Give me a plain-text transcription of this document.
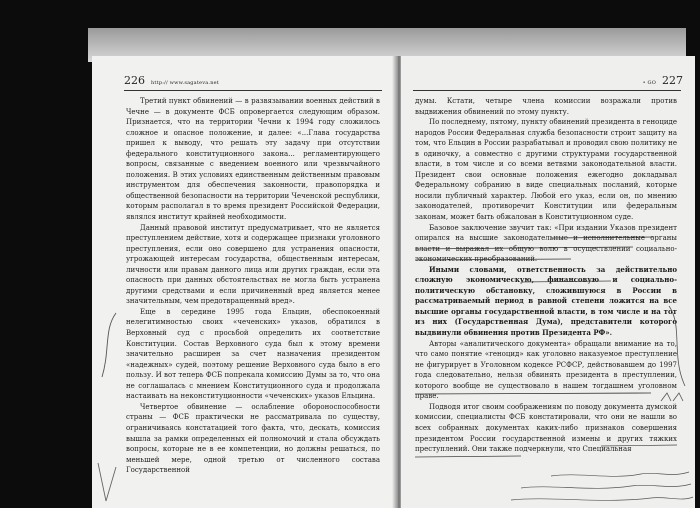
226 http:// www.sagateva.net

Третий пункт обвинений — в развязывании военных действий в Чечне — в документе ФСБ опровергается следующим образом. Признается, что на территории Чечни к 1994 году сложилось сложное и опасное положение, и далее: «...Глава государства пришел к выводу, что решать эту задачу при отсутствии федерального конституционного закона... регламентирующего вопросы, связанные с введением военного или чрезвычайного положения. В этих условиях единственным действенным правовым инструментом для обеспечения законности, правопорядка и общественной безопасности на территории Чеченской республики, которым располагал в то время президент Российской Федерации, являлся институт крайней необходимости.

Данный правовой институт предусматривает, что не является преступлением действие, хотя и содержащее признаки уголовного преступления, если оно совершено для устранения опасности, угрожающей интересам государства, общественным интересам, личности или правам данного лица или других граждан, если эта опасность при данных обстоятельствах не могла быть устранена другими средствами и если причиненный вред является менее значительным, чем предотвращенный вред».

Еще в середине 1995 года Ельцин, обеспокоенный нелегитимностью своих «чеченских» указов, обратился в Верховный суд с просьбой определить их соответствие Конституции. Состав Верховного суда был к этому времени значительно расширен за счет назначения президентом «надежных» судей, поэтому решение Верховного суда было в его пользу. И вот теперь ФСБ попрекала комиссию Думы за то, что она не соглашалась с мнением Конституционного суда и продолжала настаивать на неконституционности «чеченских» указов Ельцина.

Четвертое обвинение — ослабление обороноспособности страны — ФСБ практически не рассматривала по существу, ограничиваясь констатацией того факта, что, дескать, комиссия вышла за рамки определенных ей полномочий и стала обсуждать вопросы, которые не в ее компетенции, но должны решаться, по меньшей мере, одной третью от численного состава Государственной

• GO 227

думы. Кстати, четыре члена комиссии возражали против выдвижения обвинений по этому пункту.

По последнему, пятому, пункту обвинений президента в геноциде народов России Федеральная служба безопасности строит защиту на том, что Ельцин в России разрабатывал и проводил свою политику не в одиночку, а совместно с другими структурами государственной власти, в том числе и со всеми ветвями законодательной власти. Президент свои основные положения ежегодно докладывал Федеральному собранию в виде специальных посланий, которые носили публичный характер. Любой его указ, если он, по мнению законодателей, противоречит Конституции или федеральным законам, может быть обжалован в Конституционном суде.

Базовое заключение звучит так: «При издании Указов президент опирался на высшие законодательные и исполнительные органы власти и выражал их общую волю в осуществлении социально-экономических преобразований.

Иными словами, ответственность за действительно сложную экономическую, финансовую и социально-политическую обстановку, сложившуюся в России в рассматриваемый период в равной степени ложится на все высшие органы государственной власти, в том числе и на тот из них (Государственная Дума), представители которого выдвинули обвинения против Президента РФ».

Авторы «аналитического документа» обращали внимание на то, что само понятие «геноцид» как уголовно наказуемое преступление не фигурирует в Уголовном кодексе РСФСР, действовавшем до 1997 года следовательно, нельзя обвинять президента в преступлении, которого вообще не существовало в нашем тогдашнем уголовном праве.

Подводя итог своим соображениям по поводу документа думской комиссии, специалисты ФСБ констатировали, что они не нашли во всех собранных документах каких-либо признаков совершения президентом России государственной измены и других тяжких преступлений. Они также подчеркнули, что Специальная
